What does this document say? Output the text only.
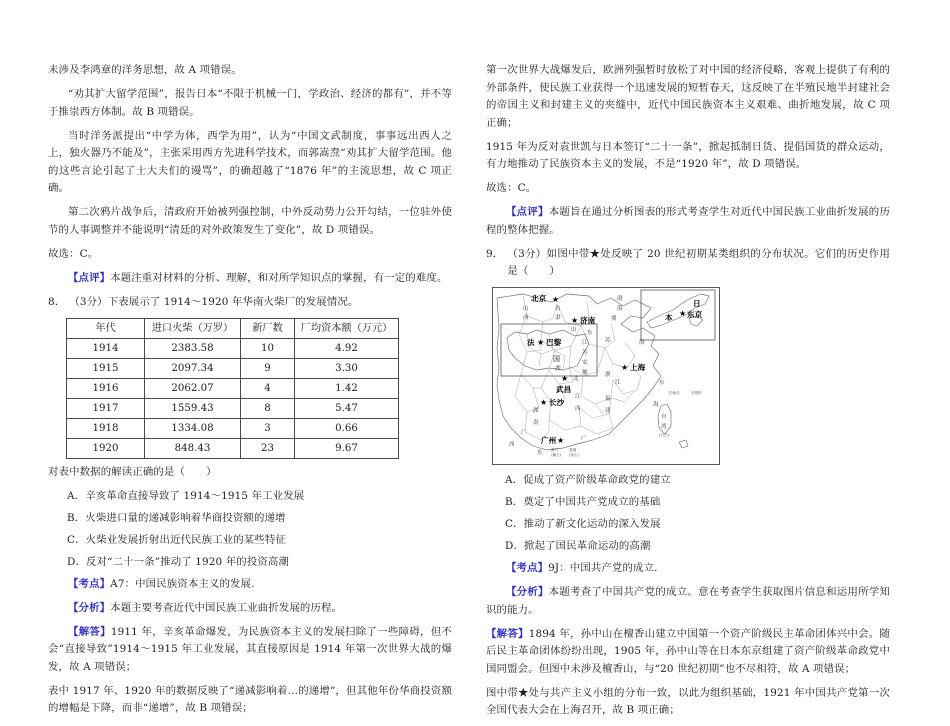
未涉及李鸿章的洋务思想，故 A 项错误。

“劝其扩大留学范围”，报告日本“不限于机械一门，学政治、经济的都有”，并不等于推崇西方体制。故 B 项错误。

当时洋务派提出“中学为体，西学为用”，认为“中国文武制度，事事远出西人之上，独火器乃不能及”，主张采用西方先进科学技术，而郭嵩焘“劝其扩大留学范围。他的这些言论引起了士大夫们的谩骂”，的确超越了“1876 年”的主流思想，故 C 项正确。

第二次鸦片战争后，清政府开始被列强控制，中外反动势力公开勾结，一位驻外使节的人事调整并不能说明“清廷的对外政策发生了变化”，故 D 项错误。

故选：C。

【点评】本题注重对材料的分析、理解，和对所学知识点的掌握，有一定的难度。

8． （3分）下表展示了 1914～1920 年华南火柴厂的发展情况。

年代	进口火柴（万罗）	新厂数	厂均资本额（万元）
1914	2383.58	10	4.92
1915	2097.34	9	3.30
1916	2062.07	4	1.42
1917	1559.43	8	5.47
1918	1334.08	3	0.66
1920	848.43	23	9.67

对表中数据的解读正确的是（　　）

A．辛亥革命直接导致了 1914～1915 年工业发展

B．火柴进口量的递减影响着华商投资额的递增

C．火柴业发展折射出近代民族工业的某些特征

D．反对“二十一条”推动了 1920 年的投资高潮

【考点】A7：中国民族资本主义的发展.

【分析】本题主要考查近代中国民族工业曲折发展的历程。

【解答】1911 年，辛亥革命爆发，为民族资本主义的发展扫除了一些障碍，但不会“直接导致”1914～1915 年工业发展，其直接原因是 1914 年第一次世界大战的爆发，故 A 项错误；

表中 1917 年、1920 年的数据反映了“递减影响着…的递增”，但其他年份华商投资额的增幅是下降，而非“递增”，故 B 项错误；

第一次世界大战爆发后，欧洲列强暂时放松了对中国的经济侵略，客观上提供了有利的外部条件，使民族工业获得一个迅速发展的短暂春天，这反映了在半殖民地半封建社会的帝国主义和封建主义的夹缝中，近代中国民族资本主义艰难、曲折地发展，故 C 项正确；

1915 年为反对袁世凯与日本签订“二十一条”，掀起抵制日货、提倡国货的群众运动，有力地推动了民族资本主义的发展，不是“1920 年”，故 D 项错误。

故选：C。

【点评】本题旨在通过分析图表的形式考查学生对近代中国民族工业曲折发展的历程的整体把握。

9． （3分）如图中带★处反映了 20 世纪初期某类组织的分布状况。它们的历史作用是（　　）

★
北京
★ 济南
★ 上海
★
武昌
★ 长沙
广州 ★
法 ★ 巴黎
国
日
本 ★ 东京
山
西
直
隶
山 东
冀
江
苏
苏
安
徽
北
浙
江
江
西
福
建
湖
南
广
西
广
东
湖
台
湾
(日占)
渤
海
海
东
海
钓鱼岛	赤尾屿
澳门
(葡占)
香港
(英占)

A．促成了资产阶级革命政党的建立

B．奠定了中国共产党成立的基础

C．推动了新文化运动的深入发展

D．掀起了国民革命运动的高潮

【考点】9J：中国共产党的成立.

【分析】本题考查了中国共产党的成立。意在考查学生获取图片信息和运用所学知识的能力。

【解答】1894 年，孙中山在檀香山建立中国第一个资产阶级民主革命团体兴中会。随后民主革命团体纷纷出现，1905 年，孙中山等在日本东京组建了资产阶级革命政党中国同盟会。但图中未涉及檀香山，与“20 世纪初期”也不尽相符，故 A 项错误；

图中带★处与共产主义小组的分布一致，以此为组织基础，1921 年中国共产党第一次全国代表大会在上海召开，故 B 项正确；
